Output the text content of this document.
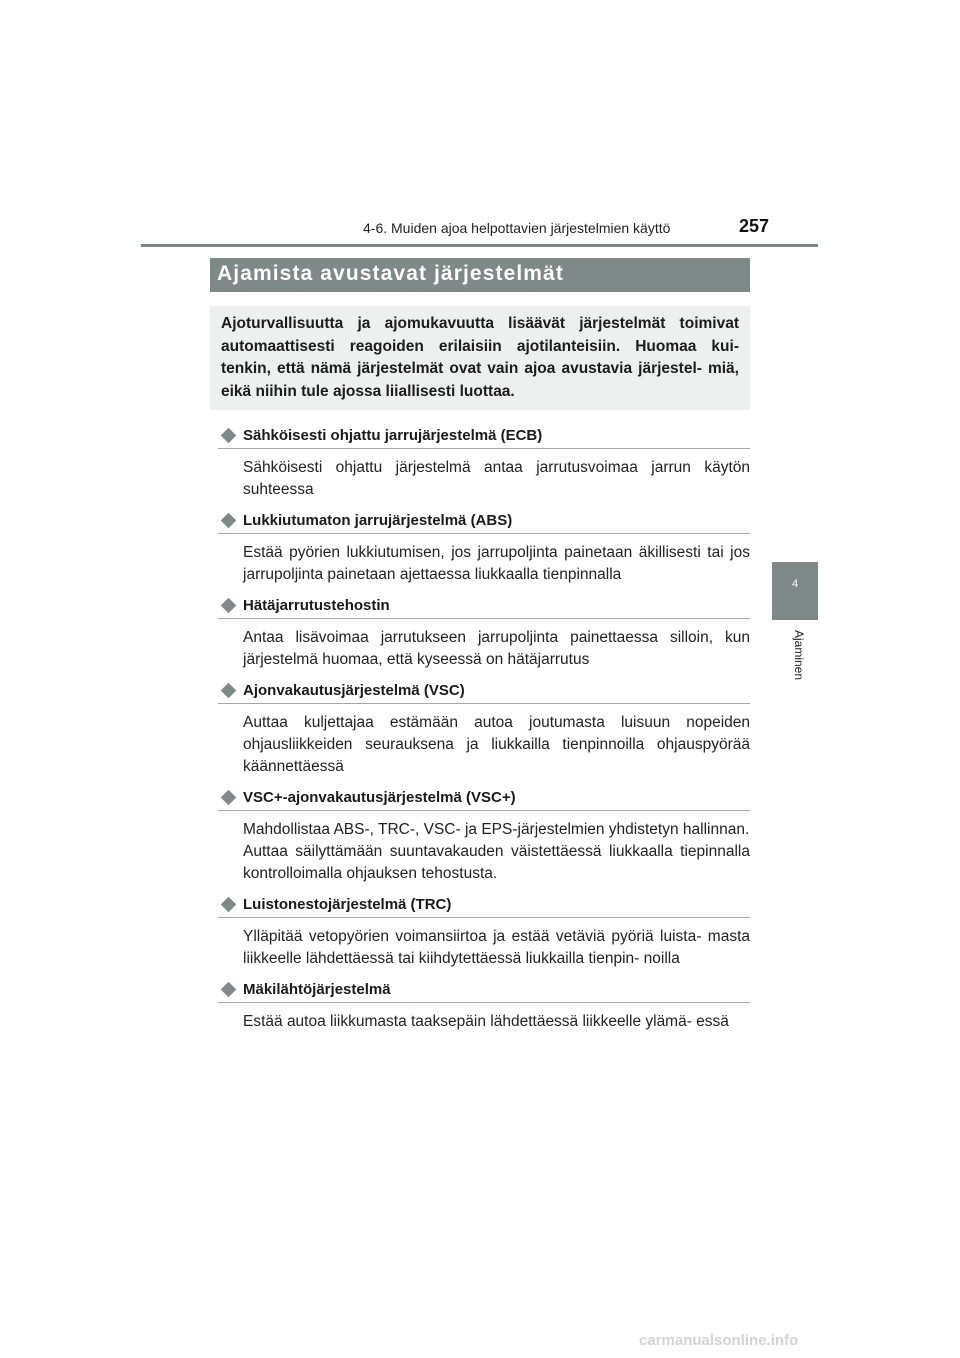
4-6. Muiden ajoa helpottavien järjestelmien käyttö	257
4
Ajaminen
Ajamista avustavat järjestelmät

Ajoturvallisuutta ja ajomukavuutta lisäävät järjestelmät toimivat automaattisesti reagoiden erilaisiin ajotilanteisiin. Huomaa kui- tenkin, että nämä järjestelmät ovat vain ajoa avustavia järjestel- miä, eikä niihin tule ajossa liiallisesti luottaa.

Sähköisesti ohjattu jarrujärjestelmä (ECB)

Sähköisesti ohjattu järjestelmä antaa jarrutusvoimaa jarrun käytön suhteessa

Lukkiutumaton jarrujärjestelmä (ABS)

Estää pyörien lukkiutumisen, jos jarrupoljinta painetaan äkillisesti tai jos jarrupoljinta painetaan ajettaessa liukkaalla tienpinnalla

Hätäjarrutustehostin

Antaa lisävoimaa jarrutukseen jarrupoljinta painettaessa silloin, kun järjestelmä huomaa, että kyseessä on hätäjarrutus

Ajonvakautusjärjestelmä (VSC)

Auttaa kuljettajaa estämään autoa joutumasta luisuun nopeiden ohjausliikkeiden seurauksena ja liukkailla tienpinnoilla ohjauspyörää käännettäessä

VSC+-ajonvakautusjärjestelmä (VSC+)

Mahdollistaa ABS-, TRC-, VSC- ja EPS-järjestelmien yhdistetyn hallinnan.
Auttaa säilyttämään suuntavakauden väistettäessä liukkaalla tiepinnalla kontrolloimalla ohjauksen tehostusta.

Luistonestojärjestelmä (TRC)

Ylläpitää vetopyörien voimansiirtoa ja estää vetäviä pyöriä luista- masta liikkeelle lähdettäessä tai kiihdytettäessä liukkailla tienpin- noilla

Mäkilähtöjärjestelmä

Estää autoa liikkumasta taaksepäin lähdettäessä liikkeelle ylämä- essä

carmanualsonline.info
